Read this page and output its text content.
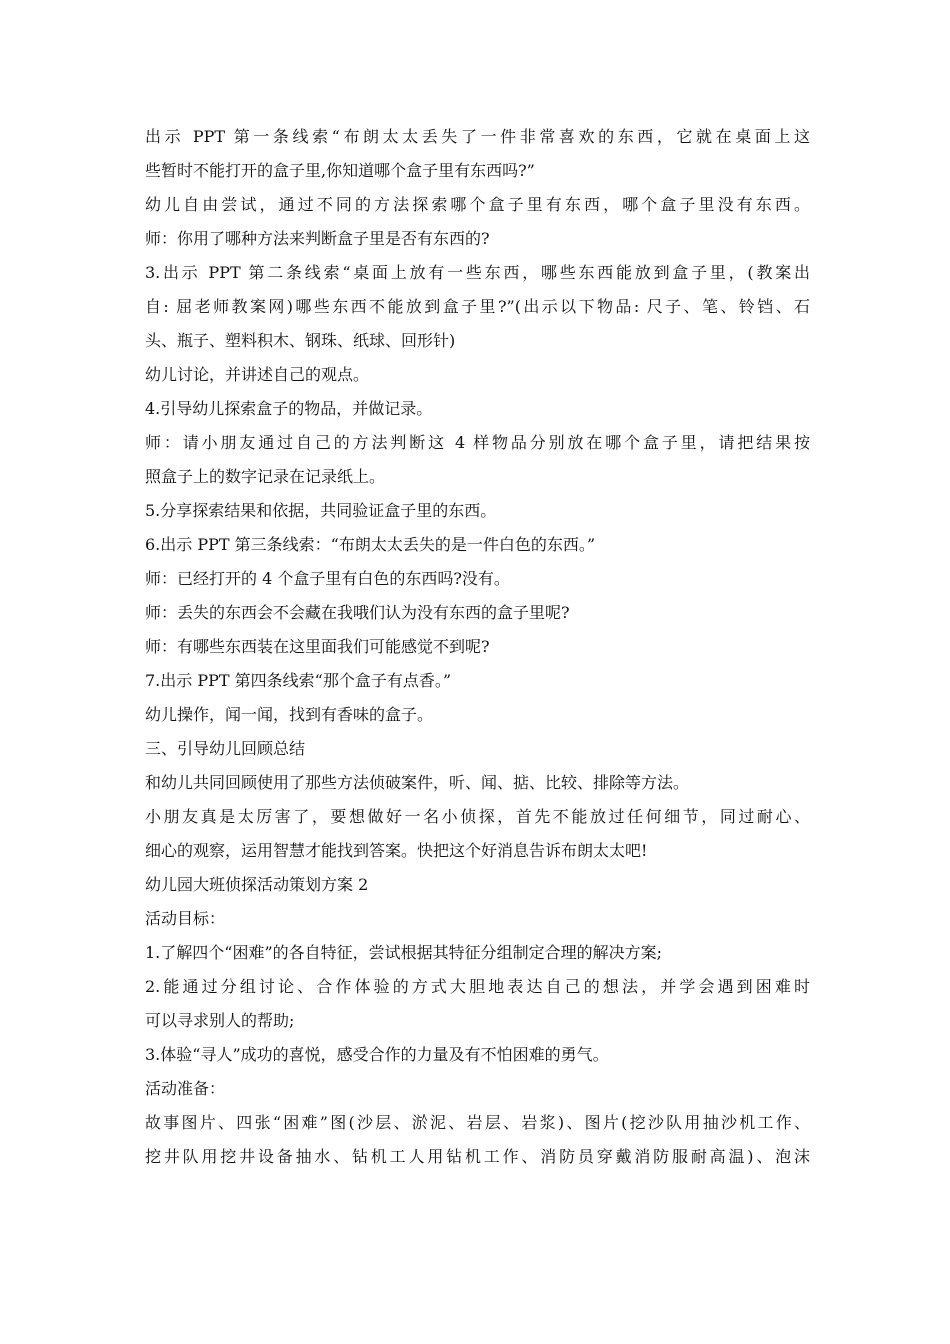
出示 PPT 第一条线索“布朗太太丢失了一件非常喜欢的东西，它就在桌面上这
些暂时不能打开的盒子里,你知道哪个盒子里有东西吗?”
幼儿自由尝试，通过不同的方法探索哪个盒子里有东西，哪个盒子里没有东西。
师：你用了哪种方法来判断盒子里是否有东西的?
3.出示 PPT 第二条线索“桌面上放有一些东西，哪些东西能放到盒子里，(教案出
自: 屈老师教案网)哪些东西不能放到盒子里?”(出示以下物品: 尺子、笔、铃铛、石
头、瓶子、塑料积木、钢珠、纸球、回形针)
幼儿讨论，并讲述自己的观点。
4.引导幼儿探索盒子的物品，并做记录。
师：请小朋友通过自己的方法判断这 4 样物品分别放在哪个盒子里，请把结果按
照盒子上的数字记录在记录纸上。
5.分享探索结果和依据，共同验证盒子里的东西。
6.出示 PPT 第三条线索：“布朗太太丢失的是一件白色的东西。”
师：已经打开的 4 个盒子里有白色的东西吗?没有。
师：丢失的东西会不会藏在我哦们认为没有东西的盒子里呢?
师：有哪些东西装在这里面我们可能感觉不到呢?
7.出示 PPT 第四条线索“那个盒子有点香。”
幼儿操作，闻一闻，找到有香味的盒子。
三、引导幼儿回顾总结
和幼儿共同回顾使用了那些方法侦破案件，听、闻、掂、比较、排除等方法。
小朋友真是太厉害了，要想做好一名小侦探，首先不能放过任何细节，同过耐心、
细心的观察，运用智慧才能找到答案。快把这个好消息告诉布朗太太吧!
幼儿园大班侦探活动策划方案 2
活动目标：
1.了解四个“困难”的各自特征，尝试根据其特征分组制定合理的解决方案;
2.能通过分组讨论、合作体验的方式大胆地表达自己的想法，并学会遇到困难时
可以寻求别人的帮助;
3.体验“寻人”成功的喜悦，感受合作的力量及有不怕困难的勇气。
活动准备：
故事图片、四张“困难”图(沙层、淤泥、岩层、岩浆)、图片(挖沙队用抽沙机工作、
挖井队用挖井设备抽水、钻机工人用钻机工作、消防员穿戴消防服耐高温)、泡沫
